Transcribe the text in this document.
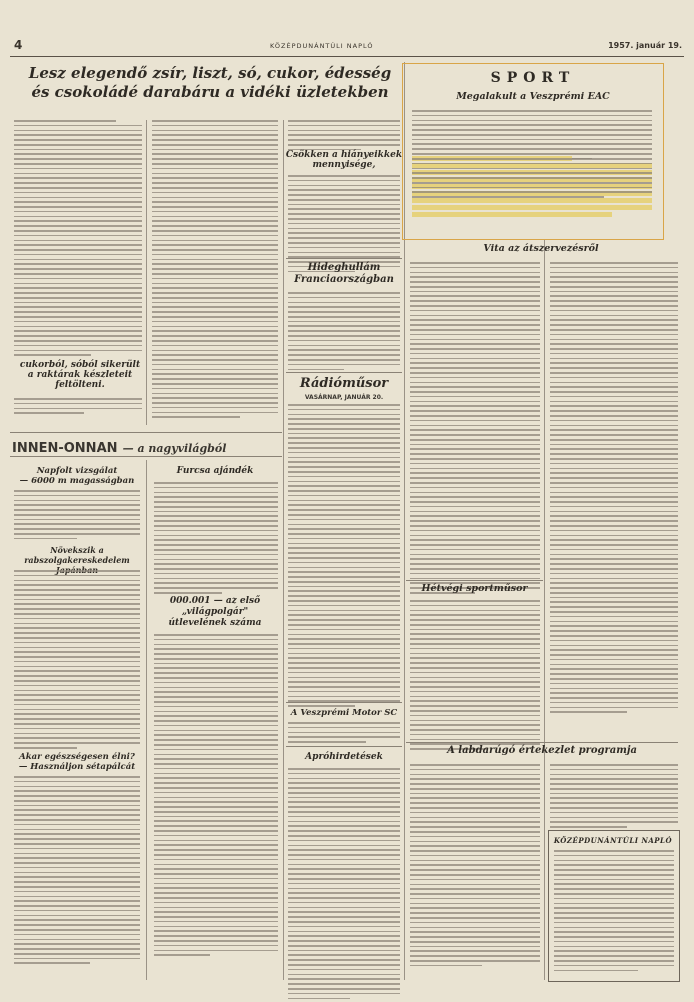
4	KÖZÉPDUNÁNTÚLI NAPLÓ	1957. január 19.
Lesz elegendő zsír, liszt, só, cukor, édesség
és csokoládé darabáru a vidéki üzletekben
cukorból, sóból sikerült
a raktárak készleteit
feltölteni.
Csökken a hiányeikkek
mennyisége,
Hideghullám
Franciaországban
Rádióműsor
VASÁRNAP, JANUÁR 20.
A Veszprémi Motor SC
Apróhirdetések
INNEN-ONNAN — a nagyvilágból
Napfolt vizsgálat
— 6000 m magasságban
Növekszik a rabszolgakereskedelem

Akar egészségesen élni?
— Használjon sétapálcát
Furcsa ajándék
000.001 — az első
„világpolgár"
útlevelének száma
SPORT
Megalakult a Veszprémi EAC
Vita az átszervezésről
Hétvégi sportműsor
A labdarúgó értekezlet programja
KÖZÉPDUNÁNTÚLI NAPLÓ
